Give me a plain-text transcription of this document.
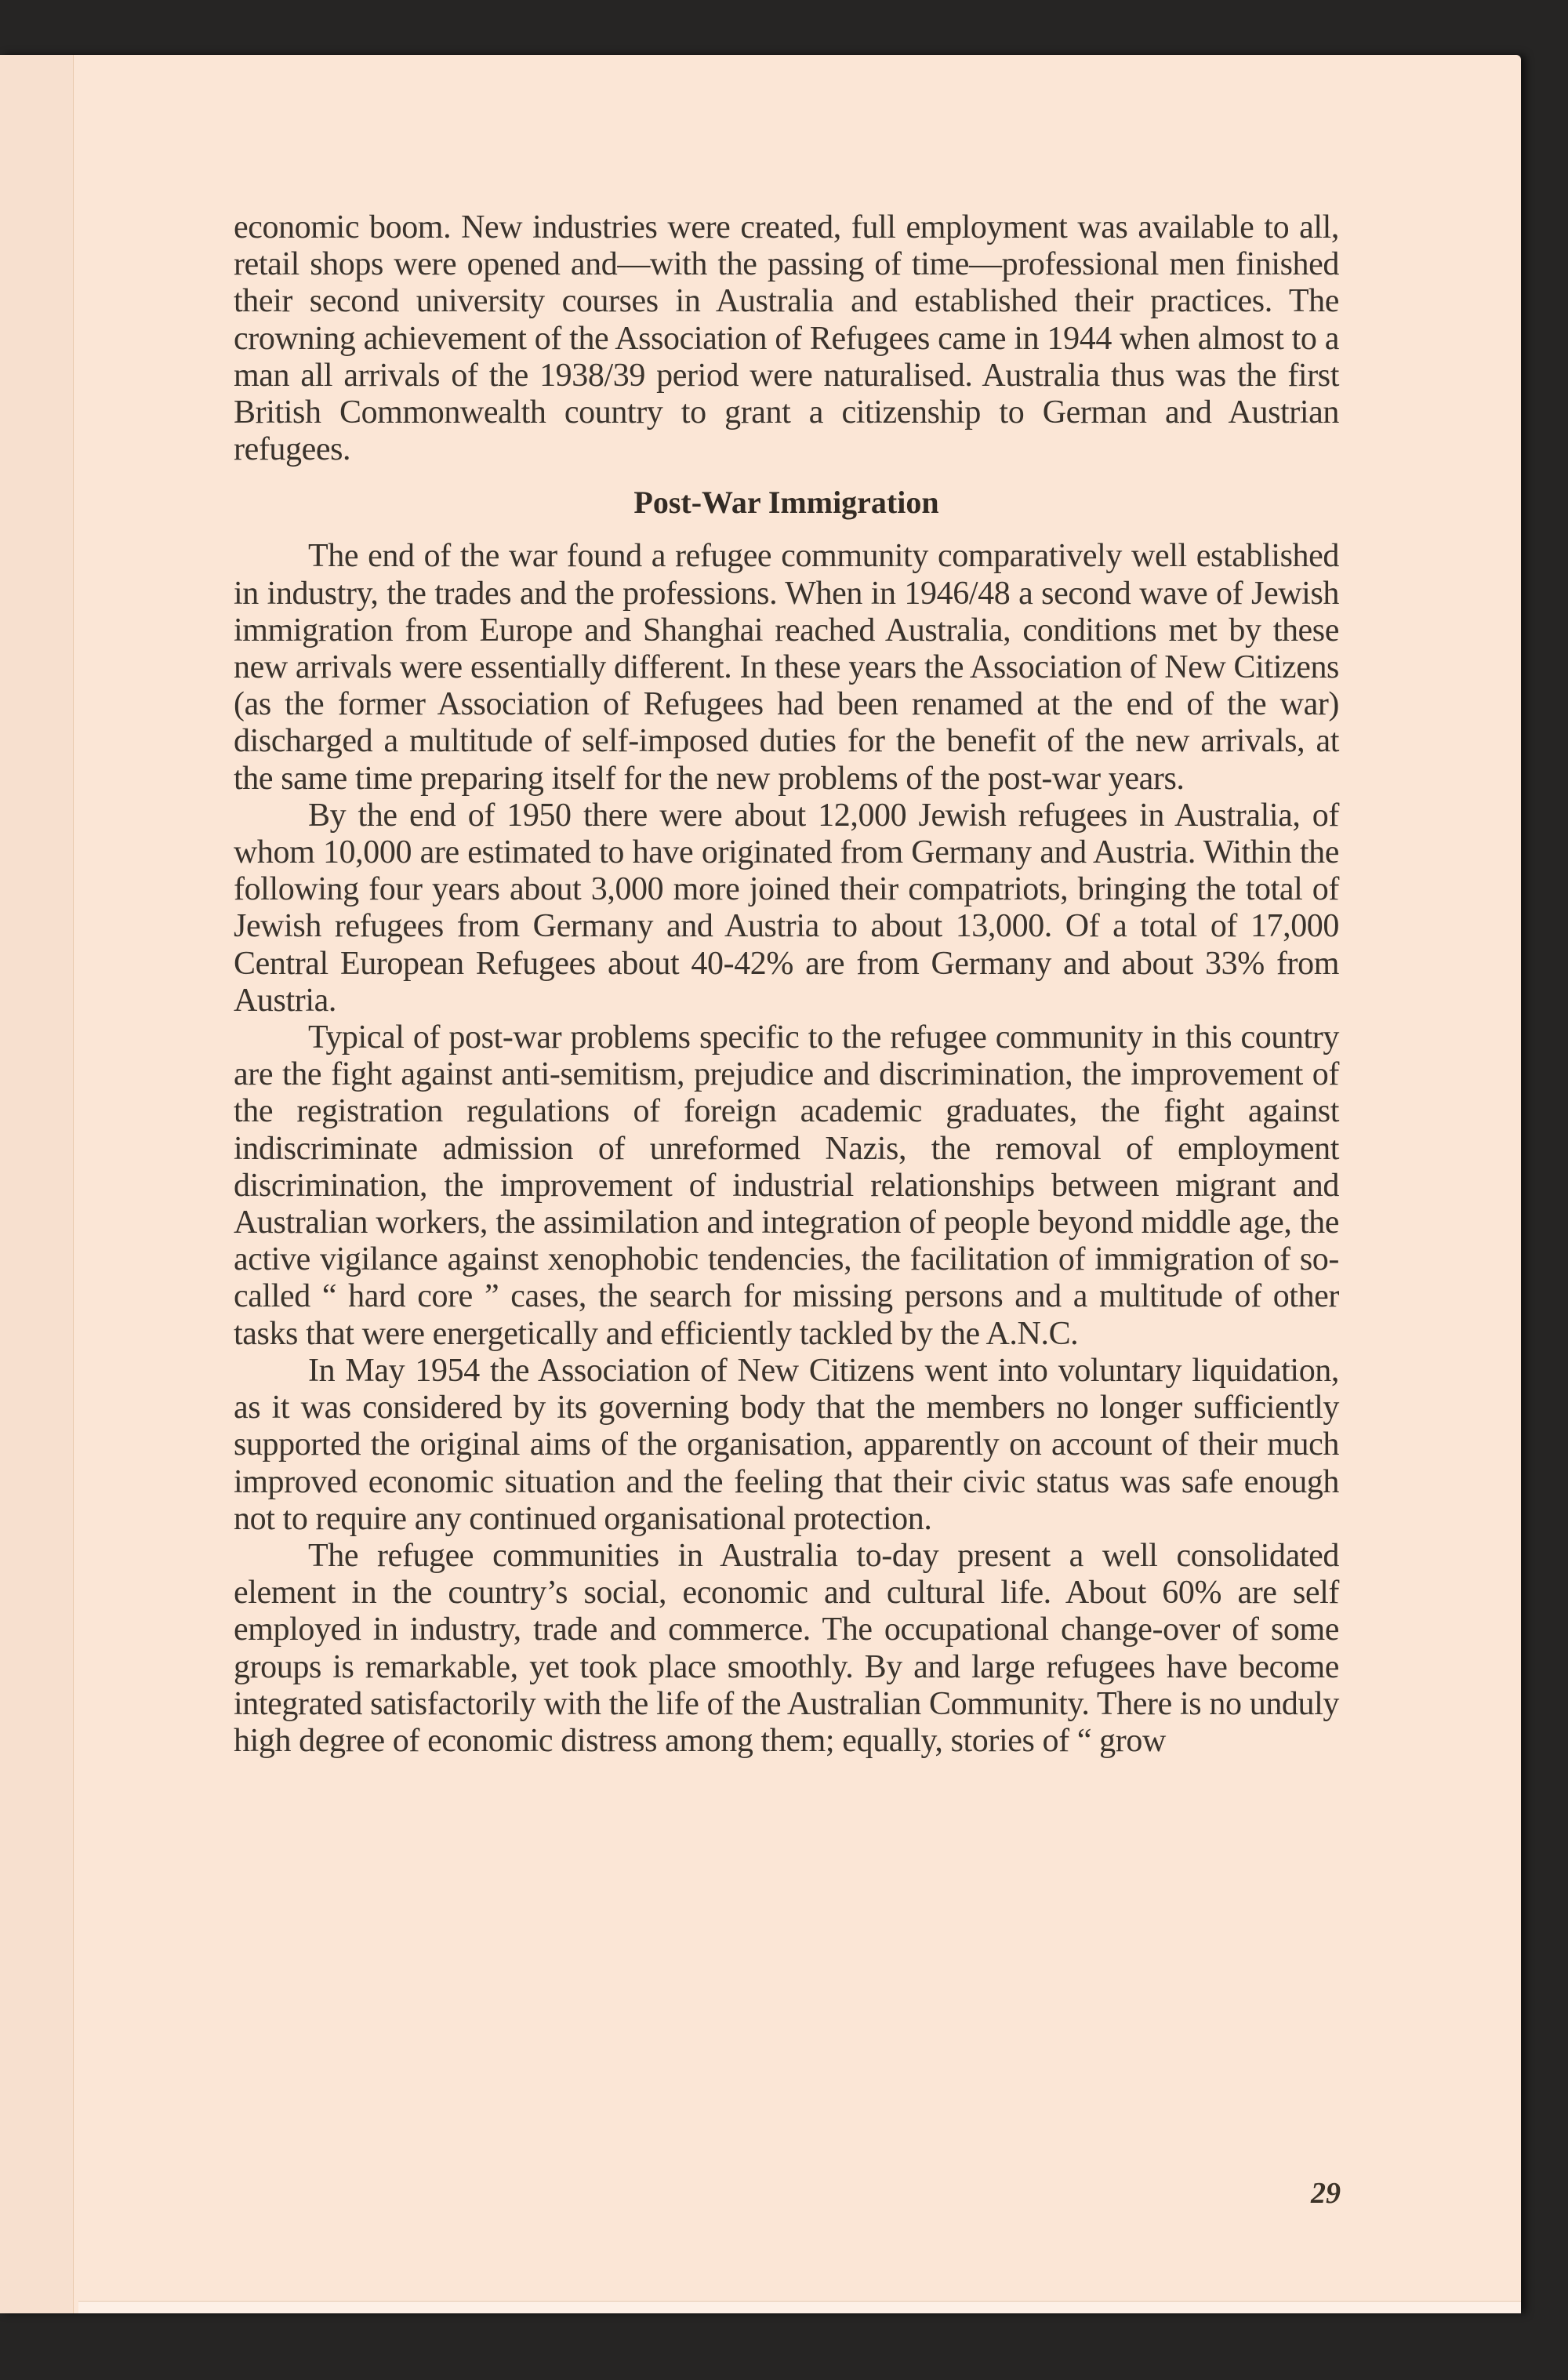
economic boom. New industries were created, full employment was available to all, retail shops were opened and—with the passing of time—professional men finished their second university courses in Australia and established their practices. The crowning achievement of the Association of Refugees came in 1944 when almost to a man all arrivals of the 1938/39 period were naturalised. Australia thus was the first British Commonwealth country to grant a citizenship to German and Austrian refugees.

Post-War Immigration

The end of the war found a refugee community comparatively well established in industry, the trades and the professions. When in 1946/48 a second wave of Jewish immigration from Europe and Shanghai reached Australia, conditions met by these new arrivals were essentially different. In these years the Association of New Citizens (as the former Association of Refugees had been renamed at the end of the war) discharged a multitude of self-imposed duties for the benefit of the new arrivals, at the same time preparing itself for the new problems of the post-war years.

By the end of 1950 there were about 12,000 Jewish refugees in Australia, of whom 10,000 are estimated to have originated from Germany and Austria. Within the following four years about 3,000 more joined their compatriots, bringing the total of Jewish refugees from Germany and Austria to about 13,000. Of a total of 17,000 Central European Refugees about 40-42% are from Germany and about 33% from Austria.

Typical of post-war problems specific to the refugee community in this country are the fight against anti-semitism, prejudice and discrimination, the improvement of the registration regulations of foreign academic graduates, the fight against indiscriminate admission of unreformed Nazis, the removal of employment discrimination, the improvement of industrial relationships between migrant and Australian workers, the assimilation and integration of people beyond middle age, the active vigilance against xenophobic tendencies, the facilitation of immigration of so-called “ hard core ” cases, the search for missing persons and a multitude of other tasks that were energetically and efficiently tackled by the A.N.C.

In May 1954 the Association of New Citizens went into voluntary liquidation, as it was considered by its governing body that the members no longer sufficiently supported the original aims of the organisation, apparently on account of their much improved economic situation and the feeling that their civic status was safe enough not to require any continued organisational protection.

The refugee communities in Australia to-day present a well consolidated element in the country’s social, economic and cultural life. About 60% are self employed in industry, trade and commerce. The occupational change-over of some groups is remarkable, yet took place smoothly. By and large refugees have become integrated satisfactorily with the life of the Australian Community. There is no unduly high degree of economic distress among them; equally, stories of “ grow

29
